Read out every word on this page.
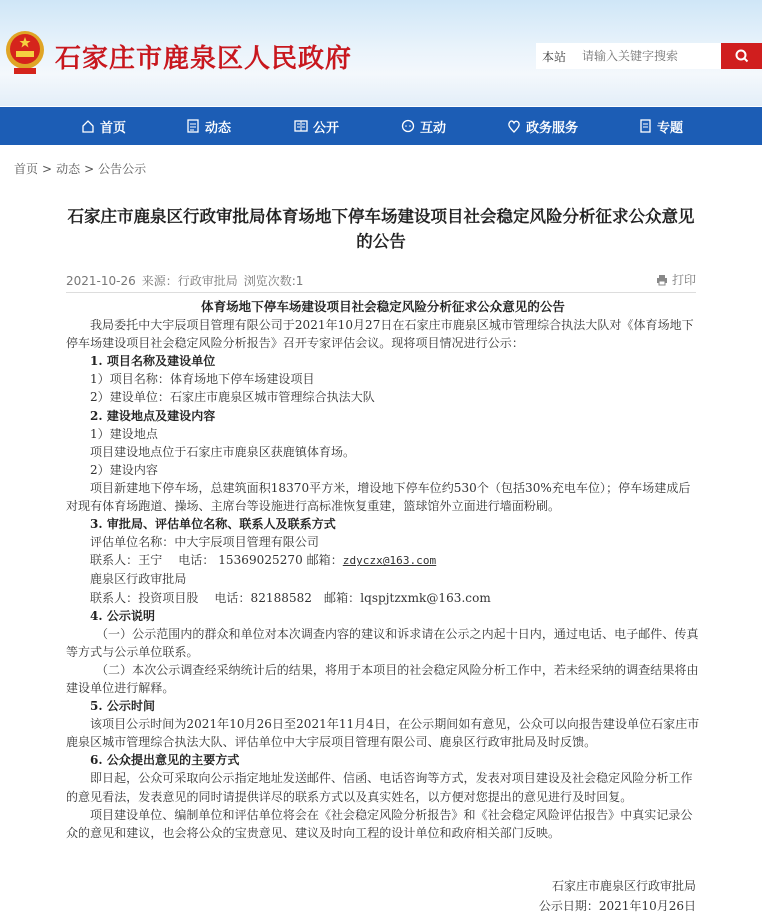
石家庄市鹿泉区人民政府	本站
请输入关键字搜索
首页	动态	公开	互动	政务服务	专题
首页 > 动态 > 公告公示
石家庄市鹿泉区行政审批局体育场地下停车场建设项目社会稳定风险分析征求公众意见的公告
2021-10-26 来源：行政审批局 浏览次数:1	打印

体育场地下停车场建设项目社会稳定风险分析征求公众意见的公告

我局委托中大宇辰项目管理有限公司于2021年10月27日在石家庄市鹿泉区城市管理综合执法大队对《体育场地下停车场建设项目社会稳定风险分析报告》召开专家评估会议。现将项目情况进行公示：

1. 项目名称及建设单位

1）项目名称：体育场地下停车场建设项目

2）建设单位：石家庄市鹿泉区城市管理综合执法大队

2. 建设地点及建设内容

1）建设地点

项目建设地点位于石家庄市鹿泉区获鹿镇体育场。

2）建设内容

项目新建地下停车场，总建筑面积18370平方米，增设地下停车位约530个（包括30%充电车位）；停车场建成后对现有体育场跑道、操场、主席台等设施进行高标准恢复重建，篮球馆外立面进行墙面粉刷。

3. 审批局、评估单位名称、联系人及联系方式

评估单位名称：中大宇辰项目管理有限公司

联系人：王宁　 电话： 15369025270 邮箱：zdyczx@163.com

鹿泉区行政审批局

联系人：投资项目股　 电话：82188582　邮箱：lqspjtzxmk@163.com

4. 公示说明

（一）公示范围内的群众和单位对本次调查内容的建议和诉求请在公示之内起十日内，通过电话、电子邮件、传真等方式与公示单位联系。

（二）本次公示调查经采纳统计后的结果，将用于本项目的社会稳定风险分析工作中，若未经采纳的调查结果将由建设单位进行解释。

5. 公示时间

该项目公示时间为2021年10月26日至2021年11月4日，在公示期间如有意见，公众可以向报告建设单位石家庄市鹿泉区城市管理综合执法大队、评估单位中大宇辰项目管理有限公司、鹿泉区行政审批局及时反馈。

6. 公众提出意见的主要方式

即日起，公众可采取向公示指定地址发送邮件、信函、电话咨询等方式，发表对项目建设及社会稳定风险分析工作的意见看法，发表意见的同时请提供详尽的联系方式以及真实姓名，以方便对您提出的意见进行及时回复。

项目建设单位、编制单位和评估单位将会在《社会稳定风险分析报告》和《社会稳定风险评估报告》中真实记录公众的意见和建议，也会将公众的宝贵意见、建议及时向工程的设计单位和政府相关部门反映。

石家庄市鹿泉区行政审批局
公示日期：2021年10月26日
